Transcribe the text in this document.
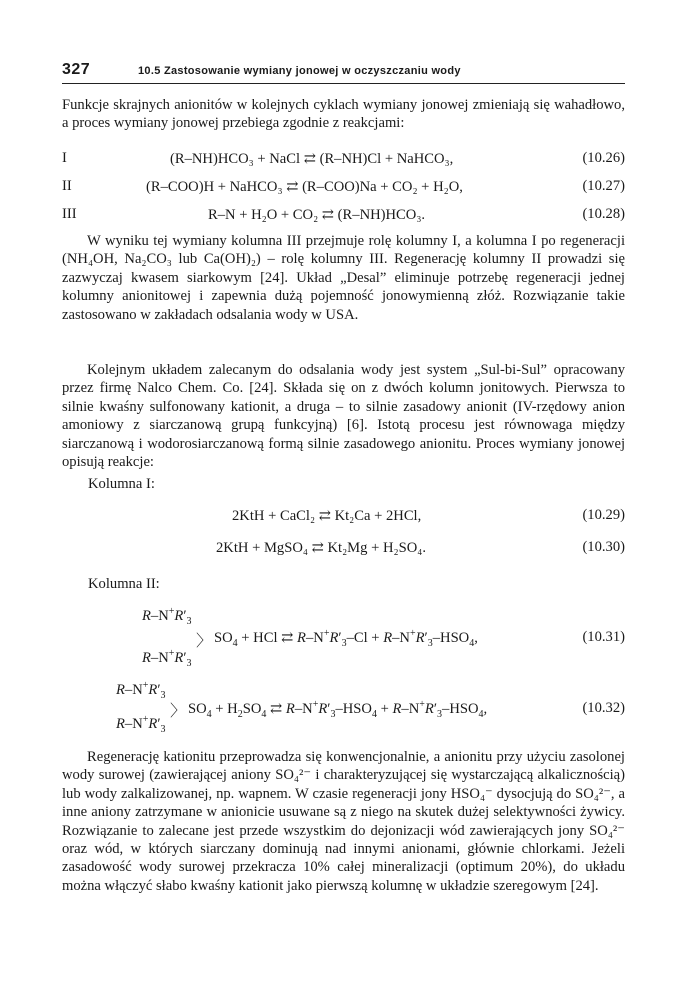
327	10.5 Zastosowanie wymiany jonowej w oczyszczaniu wody
Funkcje skrajnych anionitów w kolejnych cyklach wymiany jonowej zmieniają się wahadłowo, a proces wymiany jonowej przebiega zgodnie z reakcjami:
I	(R–NH)HCO₃ + NaCl ⇄ (R–NH)Cl + NaHCO₃,	(10.26)
II	(R–COO)H + NaHCO₃ ⇄ (R–COO)Na + CO₂ + H₂O,	(10.27)
III	R–N + H₂O + CO₂ ⇄ (R–NH)HCO₃.	(10.28)
W wyniku tej wymiany kolumna III przejmuje rolę kolumny I, a kolumna I po regeneracji (NH₄OH, Na₂CO₃ lub Ca(OH)₂) – rolę kolumny III. Regenerację kolumny II prowadzi się zazwyczaj kwasem siarkowym [24]. Układ „Desal” eliminuje potrzebę regeneracji jednej kolumny anionitowej i zapewnia dużą pojemność jonowymienną złóż. Rozwiązanie takie zastosowano w zakładach odsalania wody w USA.
Kolejnym układem zalecanym do odsalania wody jest system „Sul-bi-Sul” opracowany przez firmę Nalco Chem. Co. [24]. Składa się on z dwóch kolumn jonitowych. Pierwsza to silnie kwaśny sulfonowany kationit, a druga – to silnie zasadowy anionit (IV-rzędowy anion amoniowy z siarczanową grupą funkcyjną) [6]. Istotą procesu jest równowaga między siarczanową i wodorosiarczanową formą silnie zasadowego anionitu. Proces wymiany jonowej opisują reakcje:
Kolumna I:
2KtH + CaCl₂ ⇄ Kt₂Ca + 2HCl,	(10.29)
2KtH + MgSO₄ ⇄ Kt₂Mg + H₂SO₄.	(10.30)
Kolumna II:
$R-N^+R'_3$
$R-N^+R'_3$
〉 $SO_4$ + HCl ⇄ $R-N^+R'_3-Cl + R-N^+R'_3-HSO_4$,	(10.31)
$R-N^+R'_3$
$R-N^+R'_3$
〉 $SO_4 + H_2SO_4$ ⇄ $R-N^+R'_3-HSO_4 + R-N^+R'_3-HSO_4$,	(10.32)
Regenerację kationitu przeprowadza się konwencjonalnie, a anionitu przy użyciu zasolonej wody surowej (zawierającej aniony SO₄²⁻ i charakteryzującej się wystarczającą alkalicznością) lub wody zalkalizowanej, np. wapnem. W czasie regeneracji jony HSO₄⁻ dysocjują do SO₄²⁻, a inne aniony zatrzymane w anionicie usuwane są z niego na skutek dużej selektywności żywicy. Rozwiązanie to zalecane jest przede wszystkim do dejonizacji wód zawierających jony SO₄²⁻ oraz wód, w których siarczany dominują nad innymi anionami, głównie chlorkami. Jeżeli zasadowość wody surowej przekracza 10% całej mineralizacji (optimum 20%), do układu można włączyć słabo kwaśny kationit jako pierwszą kolumnę w układzie szeregowym [24].
